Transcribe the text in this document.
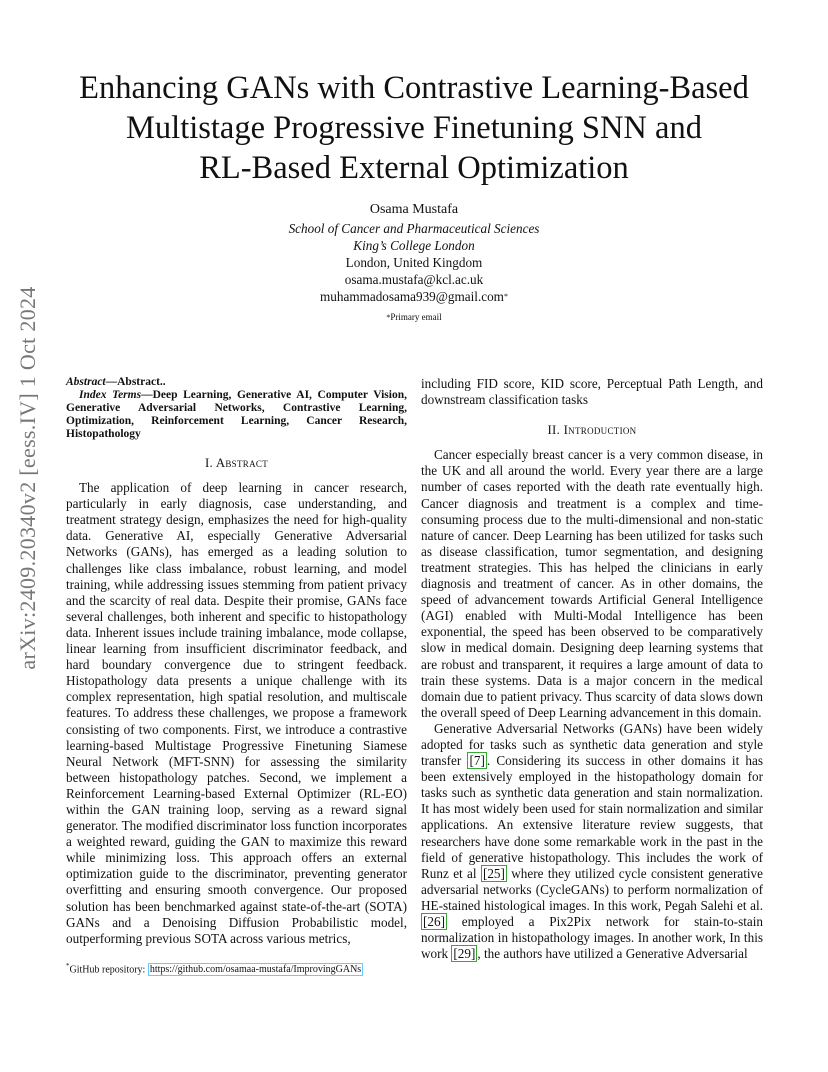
arXiv:2409.20340v2 [eess.IV] 1 Oct 2024
Enhancing GANs with Contrastive Learning-Based
Multistage Progressive Finetuning SNN and
RL-Based External Optimization
Osama Mustafa
School of Cancer and Pharmaceutical Sciences
King’s College London
London, United Kingdom
osama.mustafa@kcl.ac.uk
muhammadosama939@gmail.com*
*Primary email

Abstract—Abstract..

Index Terms—Deep Learning, Generative AI, Computer Vision, Generative Adversarial Networks, Contrastive Learning, Optimization, Reinforcement Learning, Cancer Research, Histopathology

I. Abstract

The application of deep learning in cancer research, particularly in early diagnosis, case understanding, and treatment strategy design, emphasizes the need for high-quality data. Generative AI, especially Generative Adversarial Networks (GANs), has emerged as a leading solution to challenges like class imbalance, robust learning, and model training, while addressing issues stemming from patient privacy and the scarcity of real data. Despite their promise, GANs face several challenges, both inherent and specific to histopathology data. Inherent issues include training imbalance, mode collapse, linear learning from insufficient discriminator feedback, and hard boundary convergence due to stringent feedback. Histopathology data presents a unique challenge with its complex representation, high spatial resolution, and multiscale features. To address these challenges, we propose a framework consisting of two components. First, we introduce a contrastive learning-based Multistage Progressive Finetuning Siamese Neural Network (MFT-SNN) for assessing the similarity between histopathology patches. Second, we implement a Reinforcement Learning-based External Optimizer (RL-EO) within the GAN training loop, serving as a reward signal generator. The modified discriminator loss function incorporates a weighted reward, guiding the GAN to maximize this reward while minimizing loss. This approach offers an external optimization guide to the discriminator, preventing generator overfitting and ensuring smooth convergence. Our proposed solution has been benchmarked against state-of-the-art (SOTA) GANs and a Denoising Diffusion Probabilistic model, outperforming previous SOTA across various metrics,

*GitHub repository: https://github.com/osamaa-mustafa/ImprovingGANs

including FID score, KID score, Perceptual Path Length, and downstream classification tasks

II. Introduction

Cancer especially breast cancer is a very common disease, in the UK and all around the world. Every year there are a large number of cases reported with the death rate eventually high. Cancer diagnosis and treatment is a complex and time-consuming process due to the multi-dimensional and non-static nature of cancer. Deep Learning has been utilized for tasks such as disease classification, tumor segmentation, and designing treatment strategies. This has helped the clinicians in early diagnosis and treatment of cancer. As in other domains, the speed of advancement towards Artificial General Intelligence (AGI) enabled with Multi-Modal Intelligence has been exponential, the speed has been observed to be comparatively slow in medical domain. Designing deep learning systems that are robust and transparent, it requires a large amount of data to train these systems. Data is a major concern in the medical domain due to patient privacy. Thus scarcity of data slows down the overall speed of Deep Learning advancement in this domain.

Generative Adversarial Networks (GANs) have been widely adopted for tasks such as synthetic data generation and style transfer [7] . Considering its success in other domains it has been extensively employed in the histopathology domain for tasks such as synthetic data generation and stain normalization. It has most widely been used for stain normalization and similar applications. An extensive literature review suggests, that researchers have done some remarkable work in the past in the field of generative histopathology. This includes the work of Runz et al [25] where they utilized cycle consistent generative adversarial networks (CycleGANs) to perform normalization of HE-stained histological images. In this work, Pegah Salehi et al. [26] employed a Pix2Pix network for stain-to-stain normalization in histopathology images. In another work, In this work [29] , the authors have utilized a Generative Adversarial
